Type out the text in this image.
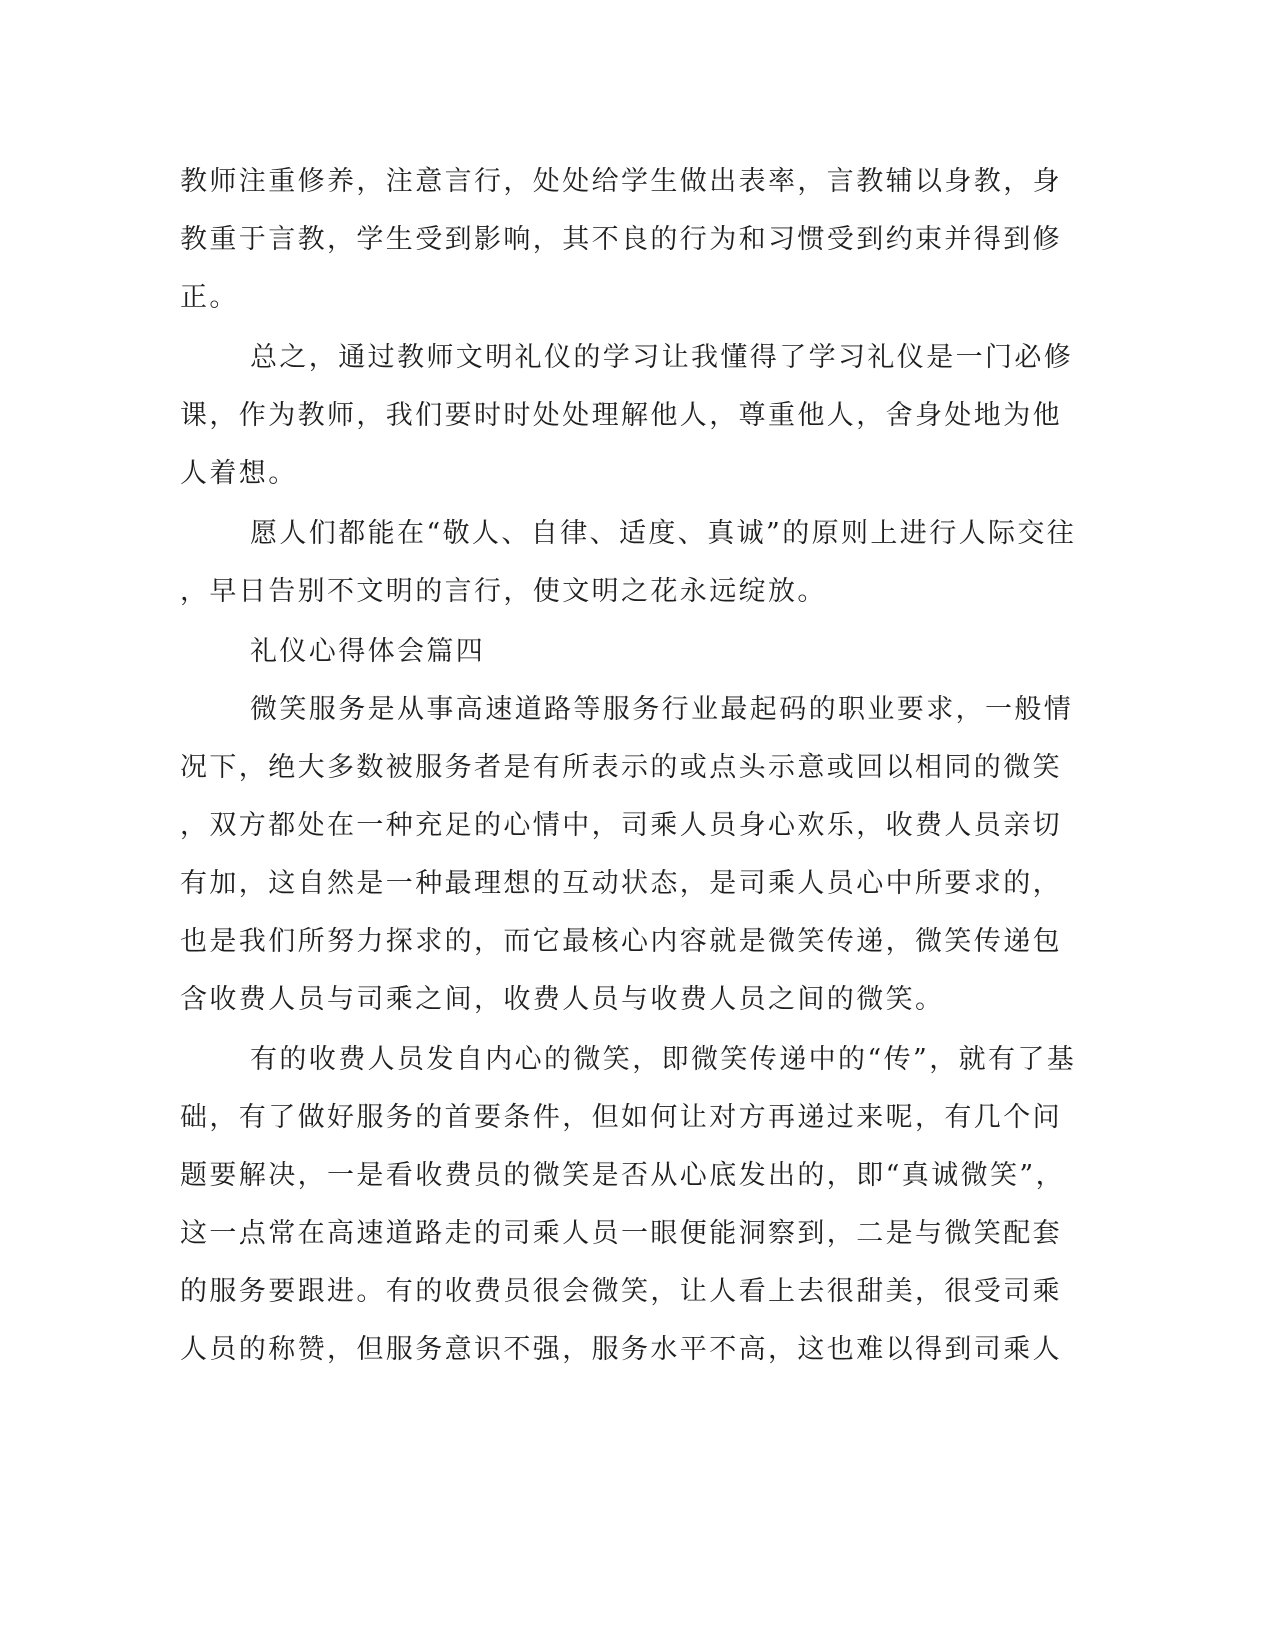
教师注重修养，注意言行，处处给学生做出表率，言教辅以身教，身
教重于言教，学生受到影响，其不良的行为和习惯受到约束并得到修
正。
总之，通过教师文明礼仪的学习让我懂得了学习礼仪是一门必修
课，作为教师，我们要时时处处理解他人，尊重他人，舍身处地为他
人着想。
愿人们都能在“敬人、自律、适度、真诚”的原则上进行人际交往
，早日告别不文明的言行，使文明之花永远绽放。
礼仪心得体会篇四
微笑服务是从事高速道路等服务行业最起码的职业要求，一般情
况下，绝大多数被服务者是有所表示的或点头示意或回以相同的微笑
，双方都处在一种充足的心情中，司乘人员身心欢乐，收费人员亲切
有加，这自然是一种最理想的互动状态，是司乘人员心中所要求的，
也是我们所努力探求的，而它最核心内容就是微笑传递，微笑传递包
含收费人员与司乘之间，收费人员与收费人员之间的微笑。
有的收费人员发自内心的微笑，即微笑传递中的“传”，就有了基
础，有了做好服务的首要条件，但如何让对方再递过来呢，有几个问
题要解决，一是看收费员的微笑是否从心底发出的，即“真诚微笑”，
这一点常在高速道路走的司乘人员一眼便能洞察到，二是与微笑配套
的服务要跟进。有的收费员很会微笑，让人看上去很甜美，很受司乘
人员的称赞，但服务意识不强，服务水平不高，这也难以得到司乘人
